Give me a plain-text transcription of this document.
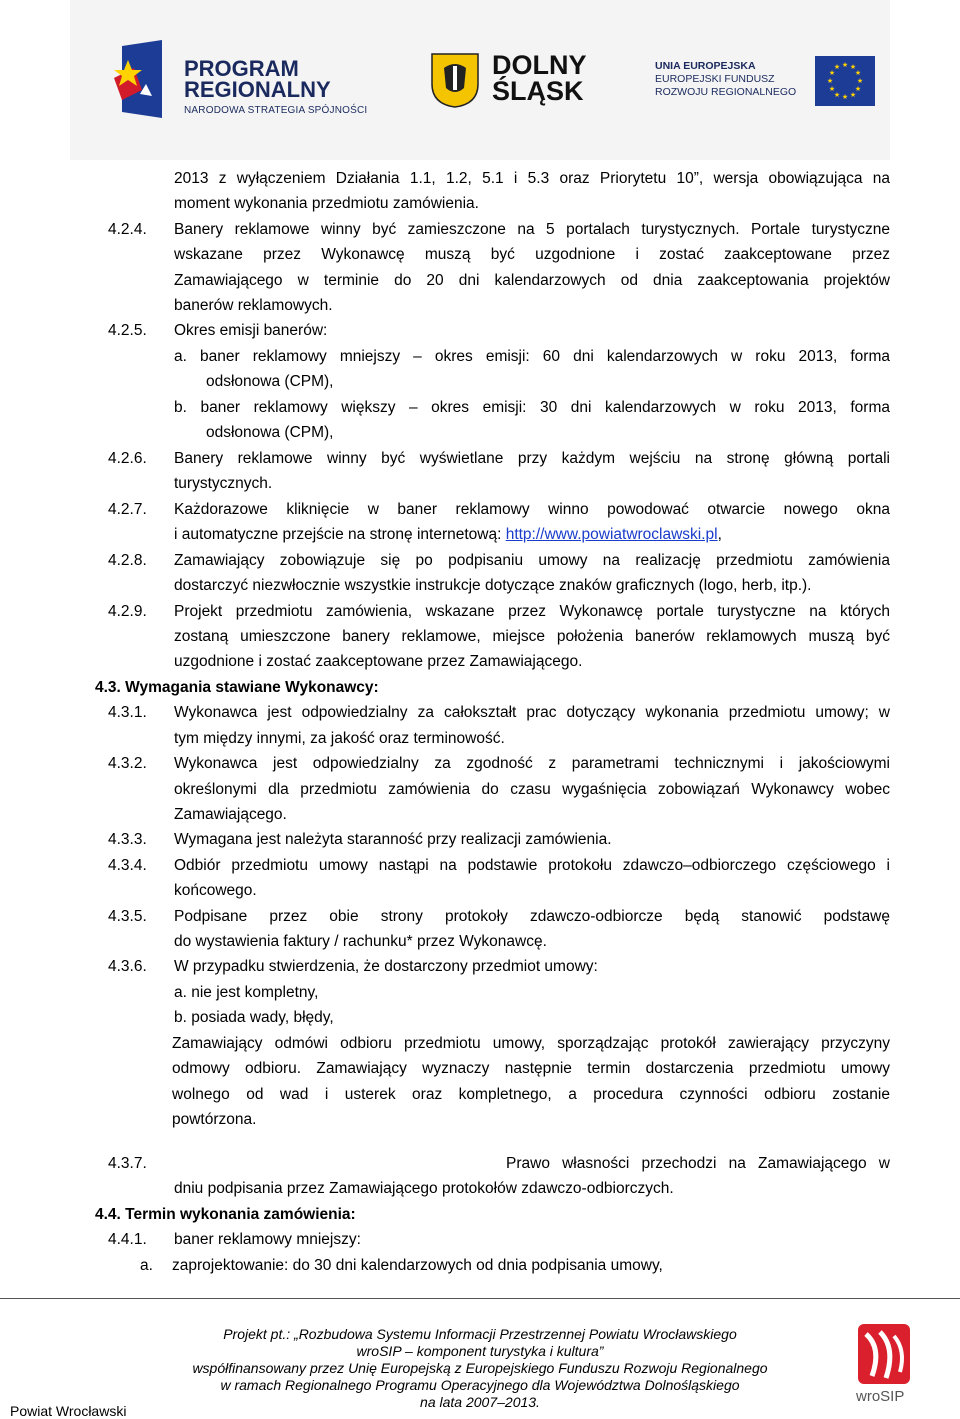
PROGRAM
REGIONALNY
NARODOWA STRATEGIA SPÓJNOŚCI
DOLNY
ŚLĄSK
UNIA EUROPEJSKA
EUROPEJSKI FUNDUSZ
ROZWOJU REGIONALNEGO
★ ★
★
★
★
★
★
★
★
★
★
★
2013 z wyłączeniem Działania 1.1, 1.2, 5.1 i 5.3 oraz Priorytetu 10”, wersja obowiązująca na
moment wykonania przedmiotu zamówienia.
4.2.4. Banery reklamowe winny być zamieszczone na 5 portalach turystycznych. Portale turystyczne
wskazane przez Wykonawcę muszą być uzgodnione i zostać zaakceptowane przez
Zamawiającego w terminie do 20 dni kalendarzowych od dnia zaakceptowania projektów
banerów reklamowych.
4.2.5. Okres emisji banerów:
a. baner reklamowy mniejszy – okres emisji: 60 dni kalendarzowych w roku 2013, forma
odsłonowa (CPM),
b. baner reklamowy większy – okres emisji: 30 dni kalendarzowych w roku 2013, forma
odsłonowa (CPM),
4.2.6. Banery reklamowe winny być wyświetlane przy każdym wejściu na stronę główną portali
turystycznych.
4.2.7. Każdorazowe kliknięcie w baner reklamowy winno powodować otwarcie nowego okna
i automatyczne przejście na stronę internetową: http://www.powiatwroclawski.pl,
4.2.8. Zamawiający zobowiązuje się po podpisaniu umowy na realizację przedmiotu zamówienia
dostarczyć niezwłocznie wszystkie instrukcje dotyczące znaków graficznych (logo, herb, itp.).
4.2.9. Projekt przedmiotu zamówienia, wskazane przez Wykonawcę portale turystyczne na których
zostaną umieszczone banery reklamowe, miejsce położenia banerów reklamowych muszą być
uzgodnione i zostać zaakceptowane przez Zamawiającego.
4.3. Wymagania stawiane Wykonawcy:
4.3.1. Wykonawca jest odpowiedzialny za całokształt prac dotyczący wykonania przedmiotu umowy; w
tym między innymi, za jakość oraz terminowość.
4.3.2. Wykonawca jest odpowiedzialny za zgodność z parametrami technicznymi i jakościowymi
określonymi dla przedmiotu zamówienia do czasu wygaśnięcia zobowiązań Wykonawcy wobec
Zamawiającego.
4.3.3. Wymagana jest należyta staranność przy realizacji zamówienia.
4.3.4. Odbiór przedmiotu umowy nastąpi na podstawie protokołu zdawczo–odbiorczego częściowego i
końcowego.
4.3.5. Podpisane przez obie strony protokoły zdawczo-odbiorcze będą stanowić podstawę
do wystawienia faktury / rachunku* przez Wykonawcę.
4.3.6. W przypadku stwierdzenia, że dostarczony przedmiot umowy:
a. nie jest kompletny,
b. posiada wady, błędy,
Zamawiający odmówi odbioru przedmiotu umowy, sporządzając protokół zawierający przyczyny
odmowy odbioru. Zamawiający wyznaczy następnie termin dostarczenia przedmiotu umowy
wolnego od wad i usterek oraz kompletnego, a procedura czynności odbioru zostanie
powtórzona.
4.3.7.	Prawo własności przechodzi na Zamawiającego w
dniu podpisania przez Zamawiającego protokołów zdawczo-odbiorczych.
4.4. Termin wykonania zamówienia:
4.4.1. baner reklamowy mniejszy:
a. zaprojektowanie: do 30 dni kalendarzowych od dnia podpisania umowy,
Projekt pt.: „Rozbudowa Systemu Informacji Przestrzennej Powiatu Wrocławskiego
wroSIP – komponent turystyka i kultura”
współfinansowany przez Unię Europejską z Europejskiego Funduszu Rozwoju Regionalnego
w ramach Regionalnego Programu Operacyjnego dla Województwa Dolnośląskiego
na lata 2007–2013.
Powiat Wrocławski
wroSIP
